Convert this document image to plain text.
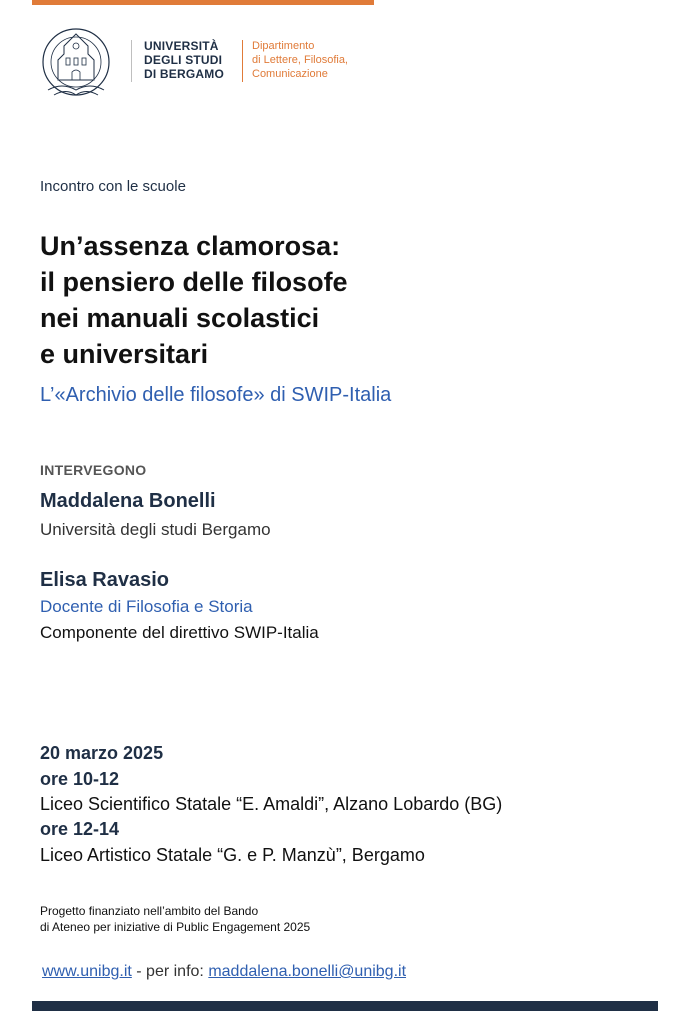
UNIVERSITÀ
DEGLI STUDI
DI BERGAMO
Dipartimento
di Lettere, Filosofia,
Comunicazione
Incontro con le scuole
Un’assenza clamorosa:
il pensiero delle filosofe
nei manuali scolastici
e universitari
L’«Archivio delle filosofe» di SWIP-Italia
INTERVEGONO
Maddalena Bonelli
Università degli studi Bergamo
Elisa Ravasio
Docente di Filosofia e Storia
Componente del direttivo SWIP-Italia
20 marzo 2025
ore 10-12
Liceo Scientifico Statale “E. Amaldi”, Alzano Lobardo (BG)
ore 12-14
Liceo Artistico Statale “G. e P. Manzù”, Bergamo
Progetto finanziato nell’ambito del Bando
di Ateneo per iniziative di Public Engagement 2025
www.unibg.it - per info: maddalena.bonelli@unibg.it
